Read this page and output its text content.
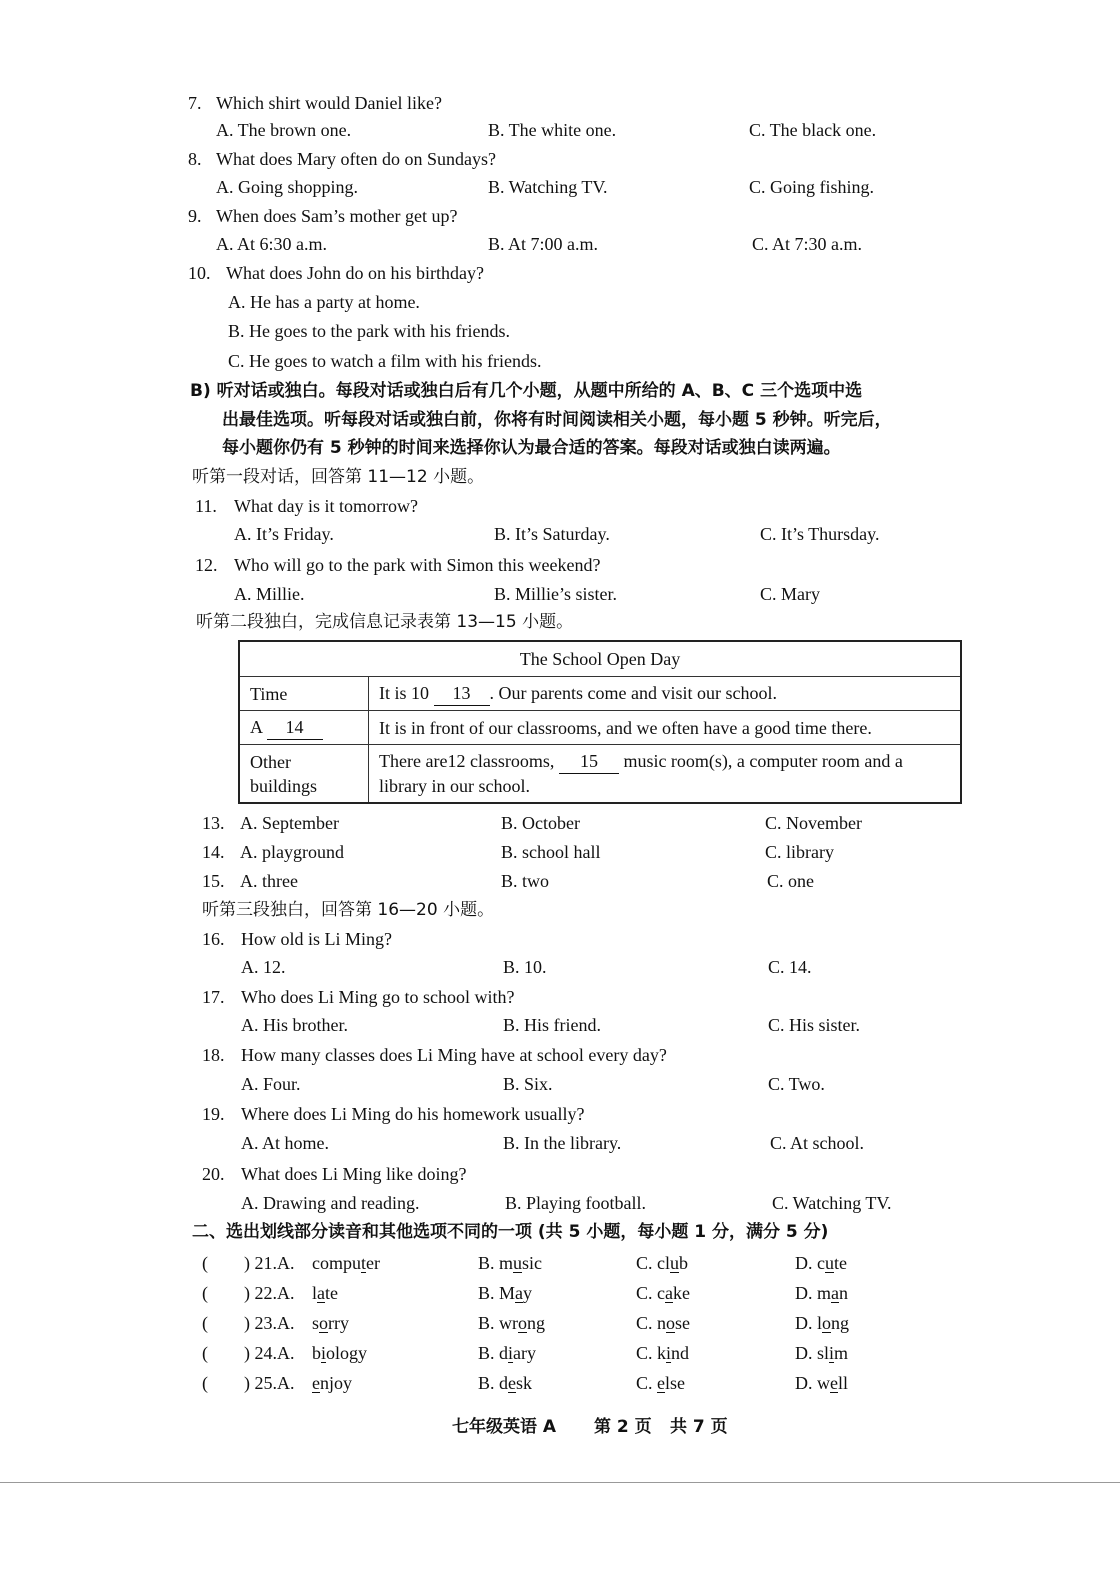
7. Which shirt would Daniel like?
A. The brown one.	B. The white one.	C. The black one.
8. What does Mary often do on Sundays?
A. Going shopping.	B. Watching TV.	C. Going fishing.
9. When does Sam’s mother get up?
A. At 6:30 a.m.	B. At 7:00 a.m.	C. At 7:30 a.m.
10. What does John do on his birthday?
A. He has a party at home.
B. He goes to the park with his friends.
C. He goes to watch a film with his friends.
B) 听对话或独白。每段对话或独白后有几个小题，从题中所给的 A、B、C 三个选项中选
出最佳选项。听每段对话或独白前，你将有时间阅读相关小题，每小题 5 秒钟。听完后，
每小题你仍有 5 秒钟的时间来选择你认为最合适的答案。每段对话或独白读两遍。
听第一段对话，回答第 11—12 小题。
11. What day is it tomorrow?
A. It’s Friday.	B. It’s Saturday.	C. It’s Thursday.
12. Who will go to the park with Simon this weekend?
A. Millie.	B. Millie’s sister.	C. Mary
听第二段独白，完成信息记录表第 13—15 小题。
The School Open Day	
Time	It is 10 13 . Our parents come and visit our school.
A 14	It is in front of our classrooms, and we often have a good time there.
Other
buildings	There are12 classrooms, 15 music room(s), a computer room and a
library in our school.
13. A. September	B. October	C. November
14. A. playground	B. school hall	C. library
15. A. three	B. two	C. one
听第三段独白，回答第 16—20 小题。
16. How old is Li Ming?
A. 12.	B. 10.	C. 14.
17. Who does Li Ming go to school with?
A. His brother.	B. His friend.	C. His sister.
18. How many classes does Li Ming have at school every day?
A. Four.	B. Six.	C. Two.
19. Where does Li Ming do his homework usually?
A. At home.	B. In the library.	C. At school.
20. What does Li Ming like doing?
A. Drawing and reading.	B. Playing football.	C. Watching TV.
二、选出划线部分读音和其他选项不同的一项 (共 5 小题，每小题 1 分，满分 5 分)
( ) 21.A. computer	B. music	C. club	D. cute
( ) 22.A. late	B. May	C. cake	D. man
( ) 23.A. sorry	B. wrong	C. nose	D. long
( ) 24.A. biology	B. diary	C. kind	D. slim
( ) 25.A. enjoy	B. desk	C. else	D. well
七年级英语 A 第 2 页 共 7 页
